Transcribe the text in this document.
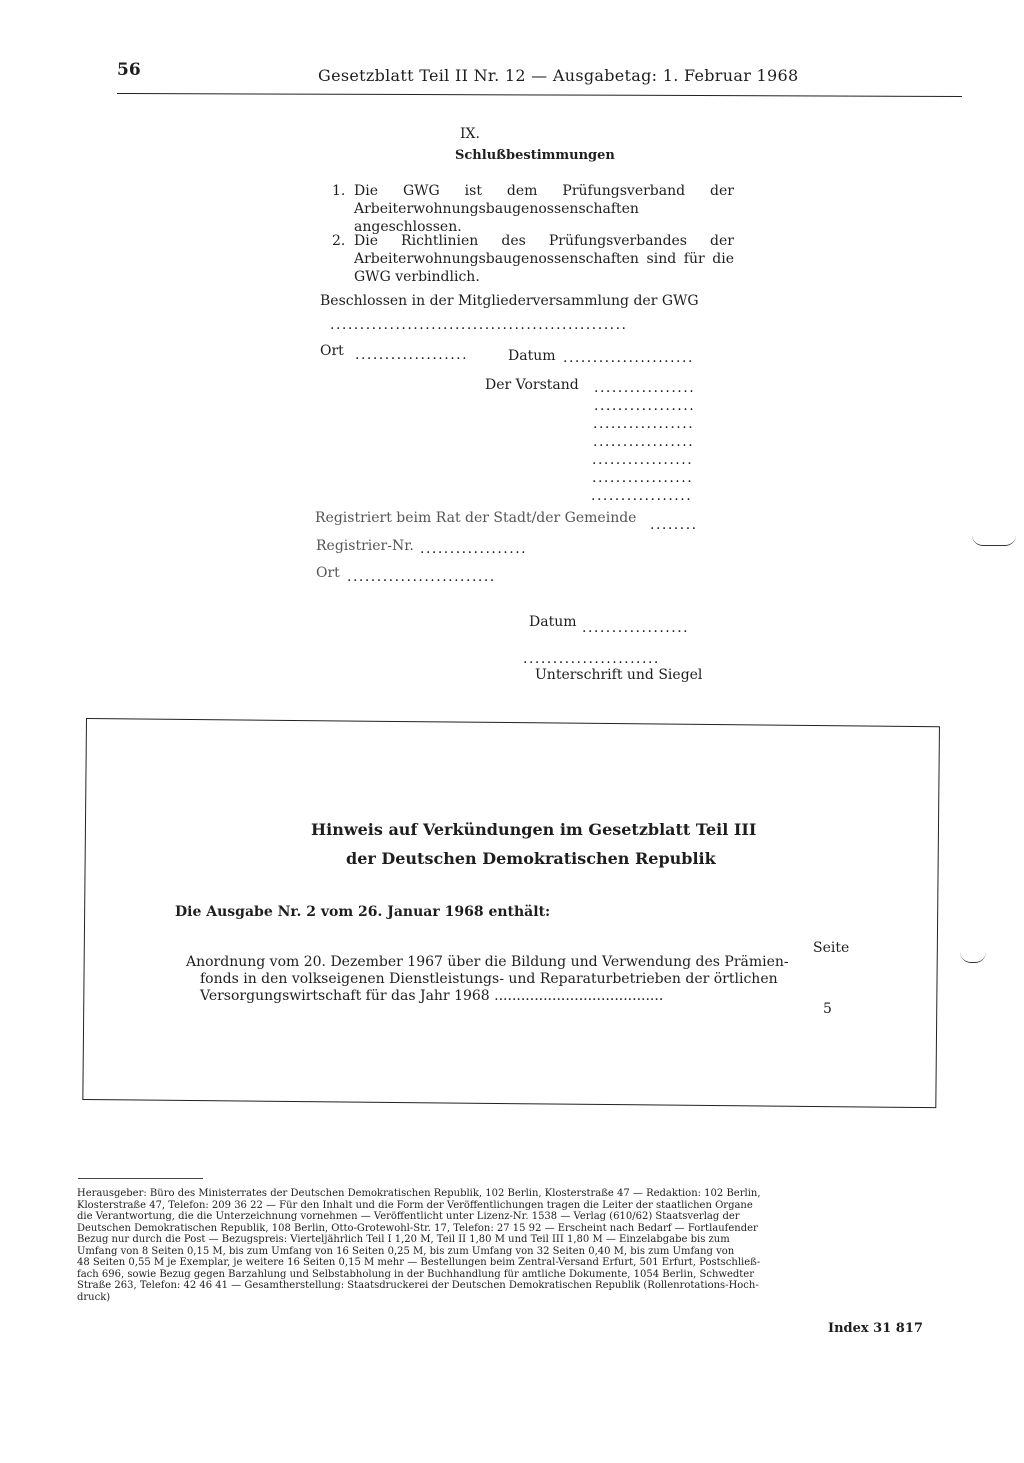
56	Gesetzblatt Teil II Nr. 12 — Ausgabetag: 1. Februar 1968
IX.
Schlußbestimmungen
1. Die GWG ist dem Prüfungsverband der Arbeiterwohnungsbaugenossenschaften angeschlossen.
2. Die Richtlinien des Prüfungsverbandes der Arbeiterwohnungsbaugenossenschaften sind für die GWG verbindlich.
Beschlossen in der Mitgliederversammlung der GWG
..................................................
Ort ...................	Datum ......................
Der Vorstand .................
.................
.................
.................
.................
.................
.................
Registriert beim Rat der Stadt/der Gemeinde ........
Registrier-Nr. ..................
Ort .........................
Datum ..................
.......................
Unterschrift und Siegel
Hinweis auf Verkündungen im Gesetzblatt Teil III
der Deutschen Demokratischen Republik
Die Ausgabe Nr. 2 vom 26. Januar 1968 enthält:
Seite
Anordnung vom 20. Dezember 1967 über die Bildung und Verwendung des Prämien-
fonds in den volkseigenen Dienstleistungs- und Reparaturbetrieben der örtlichen
Versorgungswirtschaft für das Jahr 1968 ......................................
5
Herausgeber: Büro des Ministerrates der Deutschen Demokratischen Republik, 102 Berlin, Klosterstraße 47 — Redaktion: 102 Berlin,
Klosterstraße 47, Telefon: 209 36 22 — Für den Inhalt und die Form der Veröffentlichungen tragen die Leiter der staatlichen Organe
die Verantwortung, die die Unterzeichnung vornehmen — Veröffentlicht unter Lizenz-Nr. 1538 — Verlag (610/62) Staatsverlag der
Deutschen Demokratischen Republik, 108 Berlin, Otto-Grotewohl-Str. 17, Telefon: 27 15 92 — Erscheint nach Bedarf — Fortlaufender
Bezug nur durch die Post — Bezugspreis: Vierteljährlich Teil I 1,20 M, Teil II 1,80 M und Teil III 1,80 M — Einzelabgabe bis zum
Umfang von 8 Seiten 0,15 M, bis zum Umfang von 16 Seiten 0,25 M, bis zum Umfang von 32 Seiten 0,40 M, bis zum Umfang von
48 Seiten 0,55 M je Exemplar, je weitere 16 Seiten 0,15 M mehr — Bestellungen beim Zentral-Versand Erfurt, 501 Erfurt, Postschließ-
fach 696, sowie Bezug gegen Barzahlung und Selbstabholung in der Buchhandlung für amtliche Dokumente, 1054 Berlin, Schwedter
Straße 263, Telefon: 42 46 41 — Gesamtherstellung: Staatsdruckerei der Deutschen Demokratischen Republik (Rollenrotations-Hoch-
druck)
Index 31 817
